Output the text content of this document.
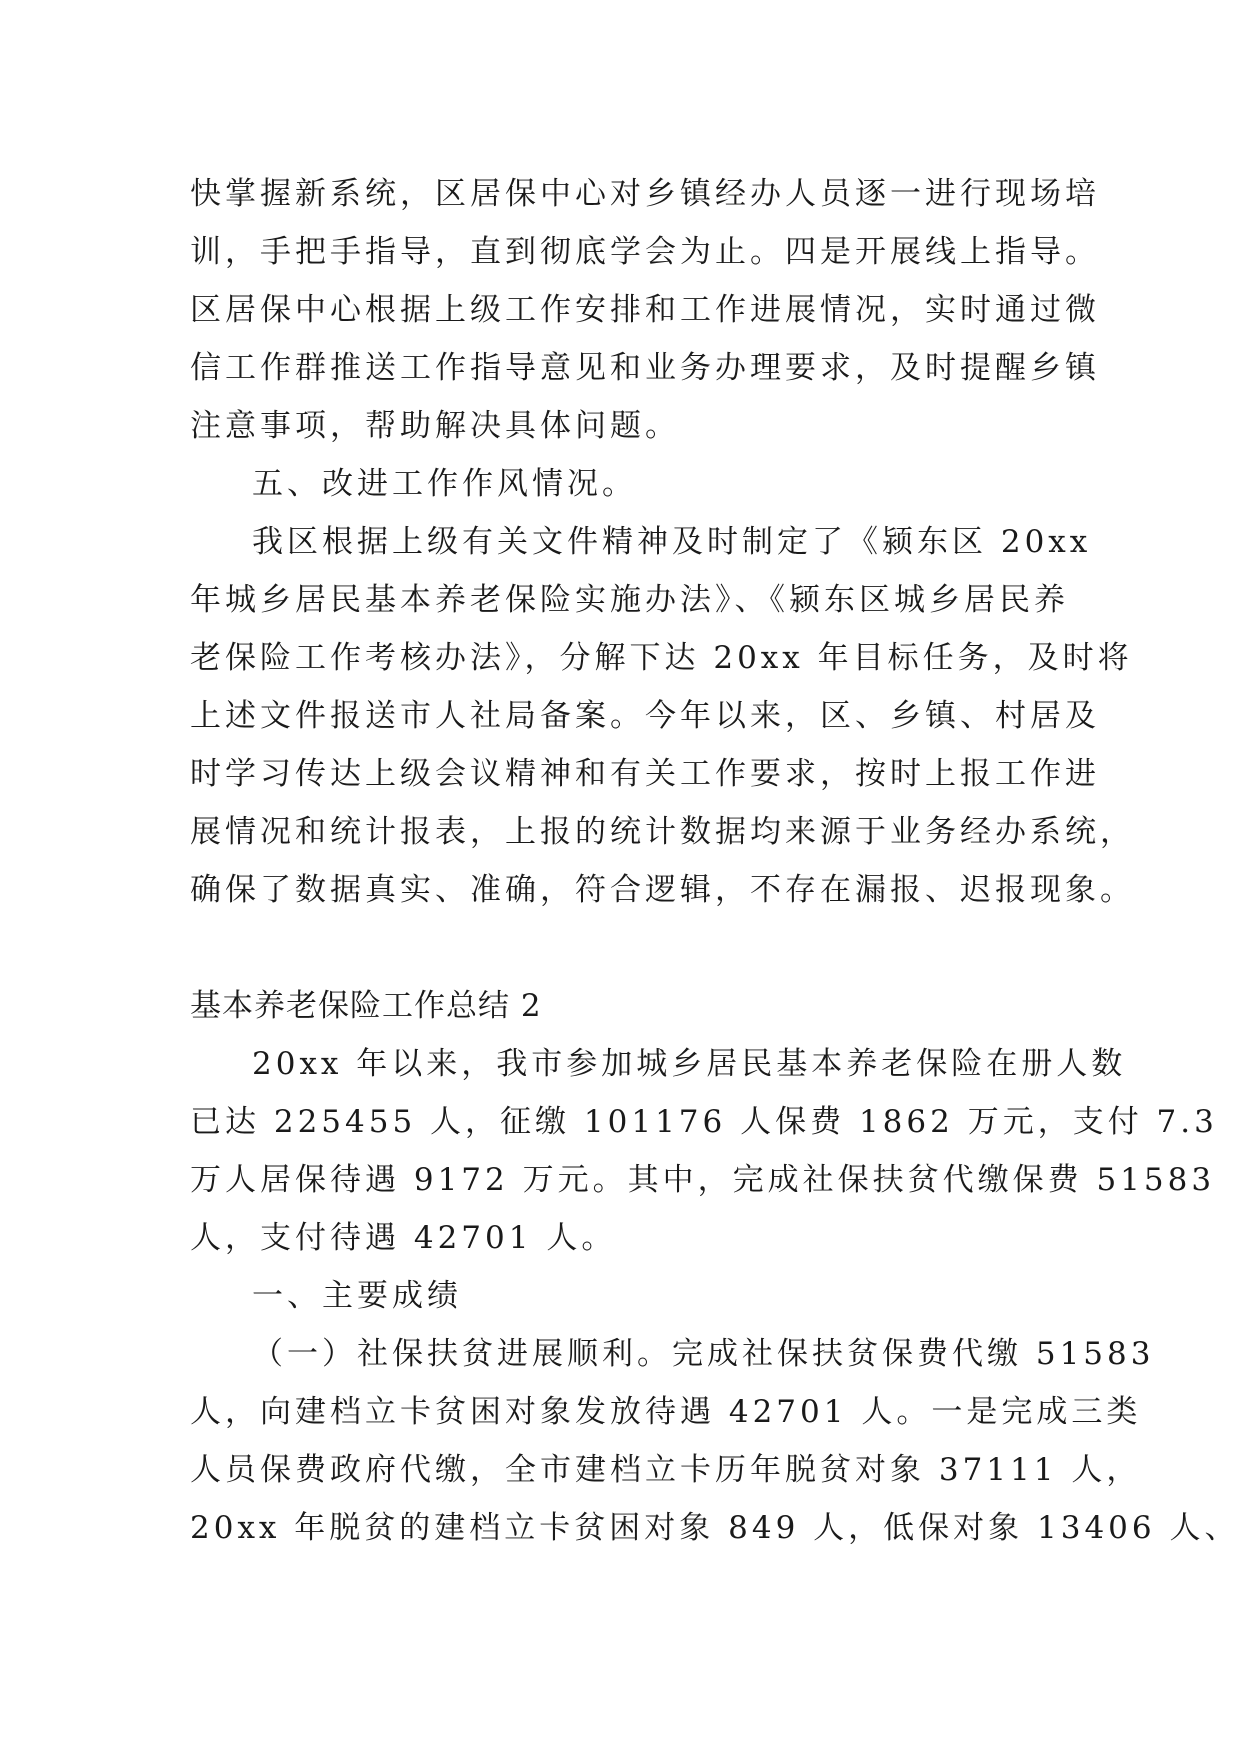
快掌握新系统，区居保中心对乡镇经办人员逐一进行现场培
训，手把手指导，直到彻底学会为止。四是开展线上指导。
区居保中心根据上级工作安排和工作进展情况，实时通过微
信工作群推送工作指导意见和业务办理要求，及时提醒乡镇
注意事项，帮助解决具体问题。
五、改进工作作风情况。
我区根据上级有关文件精神及时制定了《颍东区 20xx
年城乡居民基本养老保险实施办法》、《颍东区城乡居民养
老保险工作考核办法》，分解下达 20xx 年目标任务，及时将
上述文件报送市人社局备案。今年以来，区、乡镇、村居及
时学习传达上级会议精神和有关工作要求，按时上报工作进
展情况和统计报表，上报的统计数据均来源于业务经办系统，
确保了数据真实、准确，符合逻辑，不存在漏报、迟报现象。
基本养老保险工作总结 2
20xx 年以来，我市参加城乡居民基本养老保险在册人数
已达 225455 人，征缴 101176 人保费 1862 万元，支付 7.3
万人居保待遇 9172 万元。其中，完成社保扶贫代缴保费 51583
人，支付待遇 42701 人。
一、主要成绩
（一）社保扶贫进展顺利。完成社保扶贫保费代缴 51583
人，向建档立卡贫困对象发放待遇 42701 人。一是完成三类
人员保费政府代缴，全市建档立卡历年脱贫对象 37111 人，
20xx 年脱贫的建档立卡贫困对象 849 人，低保对象 13406 人、
